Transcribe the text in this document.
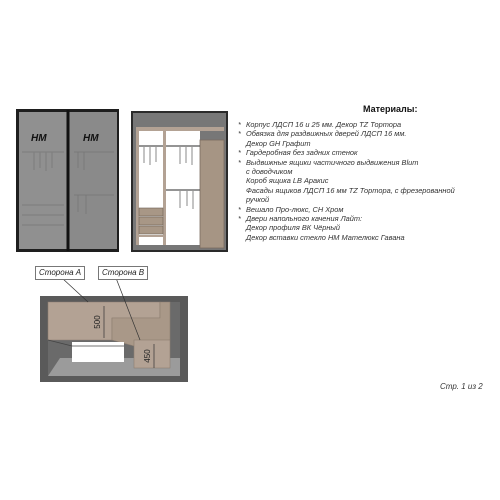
500
450
НМ	НМ
Сторона А	Сторона В
Материалы:
* Корпус ЛДСП 16 и 25 мм. Декор TZ Тортора
* Обвязка для раздвижных дверей ЛДСП 16 мм.
Декор GH Графит
* Гардеробная без задних стенок
* Выдвижные ящики частичного выдвижения Blum
с доводчиком
Короб ящика LB Аракис
Фасады ящиков ЛДСП 16 мм TZ Тортора, с фрезерованной
ручкой
* Вешало Про-люкс, СН Хром
* Двери напольного качения Лайт:
Декор профиля ВК Чёрный
Декор вставки стекло НМ Мателюкс Гавана
Стр. 1 из 2
